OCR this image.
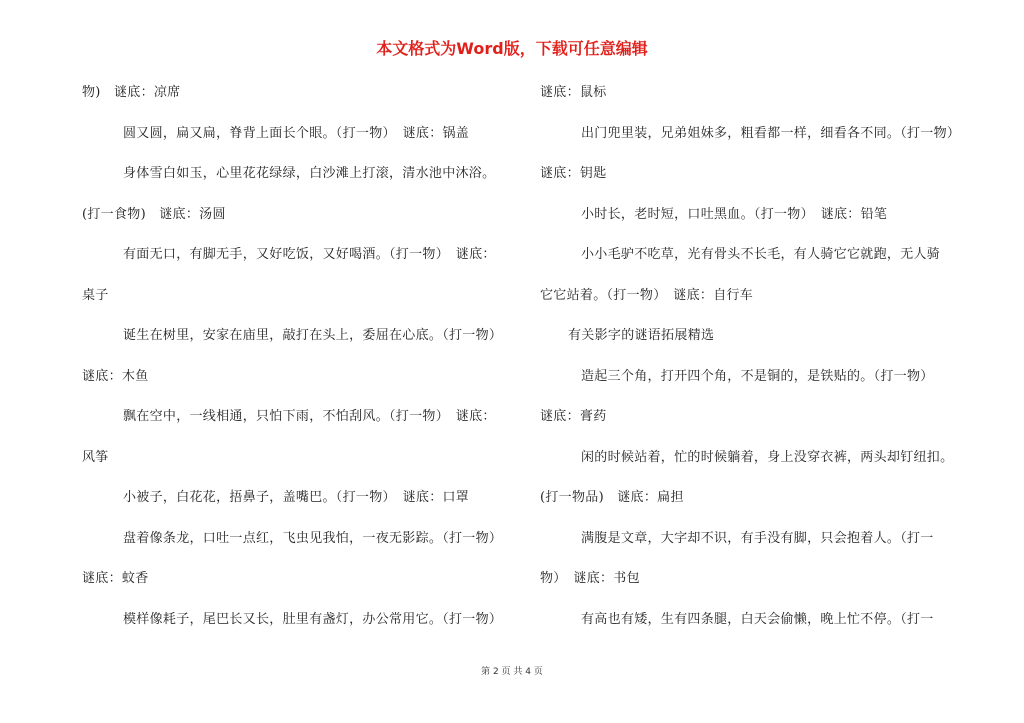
本文格式为Word版，下载可任意编辑
物)　谜底：凉席
圆又圆，扁又扁，脊背上面长个眼。（打一物）　谜底：锅盖
身体雪白如玉，心里花花绿绿，白沙滩上打滚，清水池中沐浴。
(打一食物)　谜底：汤圆
有面无口，有脚无手，又好吃饭，又好喝酒。（打一物）　谜底：
桌子
诞生在树里，安家在庙里，敲打在头上，委屈在心底。（打一物）
谜底：木鱼
飘在空中，一线相通，只怕下雨，不怕刮风。（打一物）　谜底：
风筝
小被子，白花花，捂鼻子，盖嘴巴。（打一物）　谜底：口罩
盘着像条龙，口吐一点红，飞虫见我怕，一夜无影踪。（打一物）
谜底：蚊香
模样像耗子，尾巴长又长，肚里有盏灯，办公常用它。（打一物）
谜底：鼠标
出门兜里装，兄弟姐妹多，粗看都一样，细看各不同。（打一物）
谜底：钥匙
小时长，老时短，口吐黑血。（打一物）　谜底：铅笔
小小毛驴不吃草，光有骨头不长毛，有人骑它它就跑，无人骑
它它站着。（打一物）　谜底：自行车
有关影字的谜语拓展精选
造起三个角，打开四个角，不是铜的，是铁贴的。（打一物）
谜底：膏药
闲的时候站着，忙的时候躺着，身上没穿衣裤，两头却钉纽扣。
(打一物品)　谜底：扁担
满腹是文章，大字却不识，有手没有脚，只会抱着人。（打一
物）　谜底：书包
有高也有矮，生有四条腿，白天会偷懒，晚上忙不停。（打一
第 2 页 共 4 页
